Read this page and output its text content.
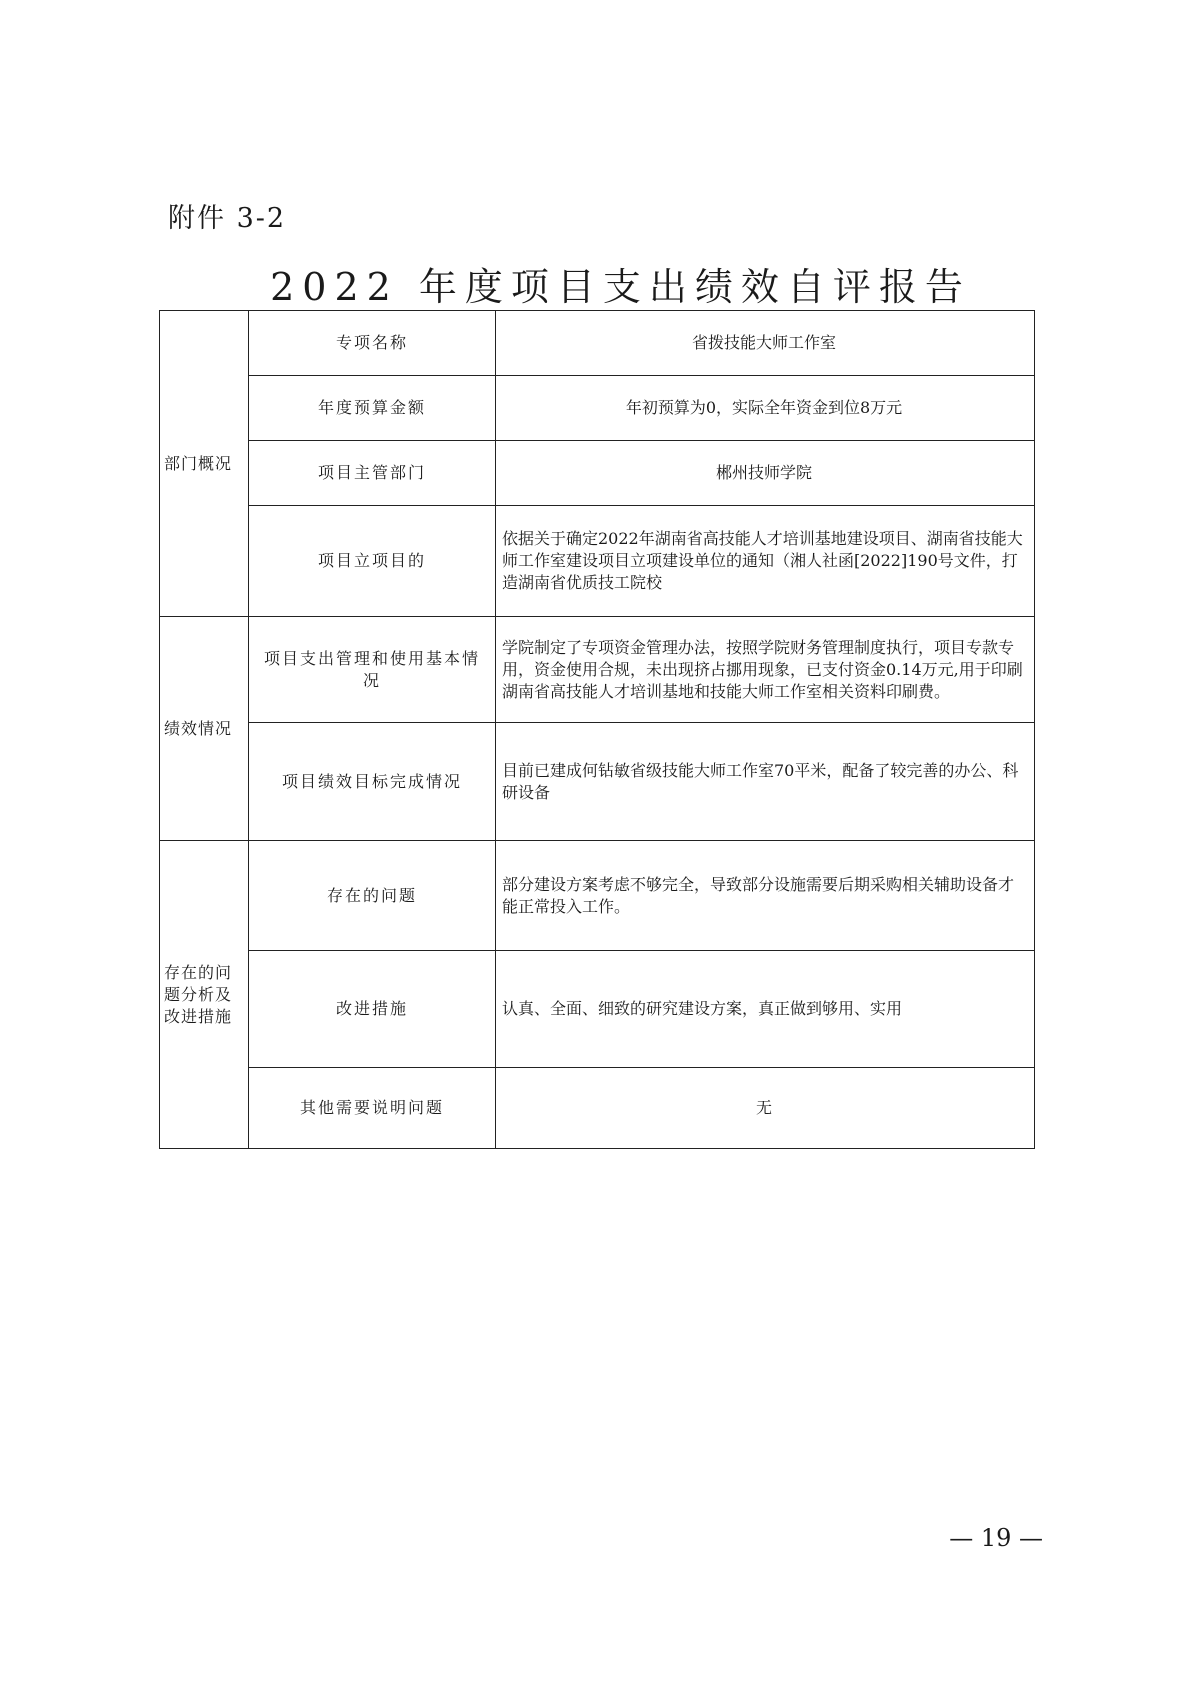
附件 3-2
2022 年度项目支出绩效自评报告
部门概况	专项名称	省拨技能大师工作室
	年度预算金额	年初预算为0，实际全年资金到位8万元
	项目主管部门	郴州技师学院
	项目立项目的	依据关于确定2022年湖南省高技能人才培训基地建设项目、湖南省技能大师工作室建设项目立项建设单位的通知（湘人社函[2022]190号文件，打造湖南省优质技工院校
绩效情况	项目支出管理和使用基本情况	学院制定了专项资金管理办法，按照学院财务管理制度执行，项目专款专用，资金使用合规，未出现挤占挪用现象，已支付资金0.14万元,用于印刷湖南省高技能人才培训基地和技能大师工作室相关资料印刷费。
	项目绩效目标完成情况	目前已建成何钻敏省级技能大师工作室70平米，配备了较完善的办公、科研设备
存在的问题分析及改进措施	存在的问题	部分建设方案考虑不够完全，导致部分设施需要后期采购相关辅助设备才能正常投入工作。
	改进措施	认真、全面、细致的研究建设方案，真正做到够用、实用
	其他需要说明问题	无
— 19 —
